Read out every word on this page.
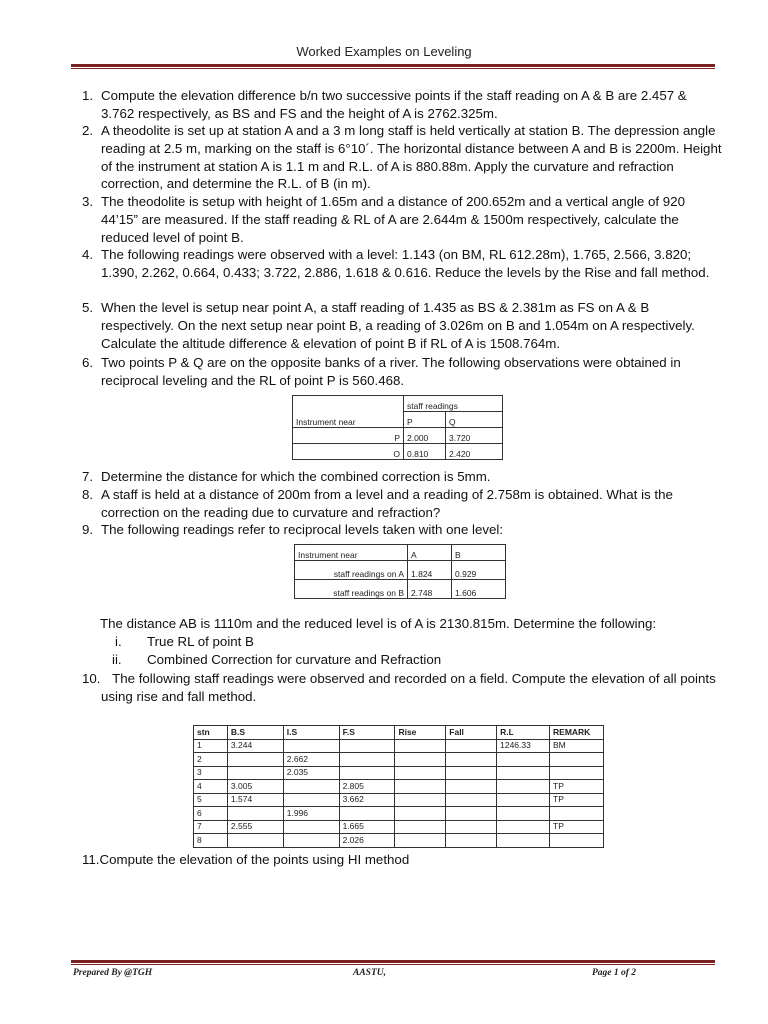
Worked Examples on Leveling
1. Compute the elevation difference b/n two successive points if the staff reading on A & B are 2.457 & 3.762 respectively, as BS and FS and the height of A is 2762.325m.
2. A theodolite is set up at station A and a 3 m long staff is held vertically at station B. The depression angle reading at 2.5 m, marking on the staff is 6°10´. The horizontal distance between A and B is 2200m. Height of the instrument at station A is 1.1 m and R.L. of A is 880.88m. Apply the curvature and refraction correction, and determine the R.L. of B (in m).
3. The theodolite is setup with height of 1.65m and a distance of 200.652m and a vertical angle of 920 44’15” are measured. If the staff reading & RL of A are 2.644m & 1500m respectively, calculate the reduced level of point B.
4. The following readings were observed with a level: 1.143 (on BM, RL 612.28m), 1.765, 2.566, 3.820; 1.390, 2.262, 0.664, 0.433; 3.722, 2.886, 1.618 & 0.616. Reduce the levels by the Rise and fall method.
5. When the level is setup near point A, a staff reading of 1.435 as BS & 2.381m as FS on A & B respectively. On the next setup near point B, a reading of 3.026m on B and 1.054m on A respectively. Calculate the altitude difference & elevation of point B if RL of A is 1508.764m.
6. Two points P & Q are on the opposite banks of a river. The following observations were obtained in reciprocal leveling and the RL of point P is 560.468.
	staff readings	
Instrument near	P	Q
P	2.000	3.720
O	0.810	2.420
7. Determine the distance for which the combined correction is 5mm.
8. A staff is held at a distance of 200m from a level and a reading of 2.758m is obtained. What is the correction on the reading due to curvature and refraction?
9. The following readings refer to reciprocal levels taken with one level:
Instrument near	A	B
staff readings on A	1.824	0.929
staff readings on B	2.748	1.606
The distance AB is 1110m and the reduced level is of A is 2130.815m. Determine the following:
i. True RL of point B
ii. Combined Correction for curvature and Refraction
10. The following staff readings were observed and recorded on a field. Compute the elevation of all points using rise and fall method.
stn	B.S	I.S	F.S	Rise	Fall	R.L	REMARK
1	3.244					1246.33	BM
2		2.662					
3		2.035					
4	3.005		2.805				TP
5	1.574		3.662				TP
6		1.996					
7	2.555		1.665				TP
8			2.026				
11.Compute the elevation of the points using HI method
Prepared By @TGH	AASTU,	Page 1 of 2
